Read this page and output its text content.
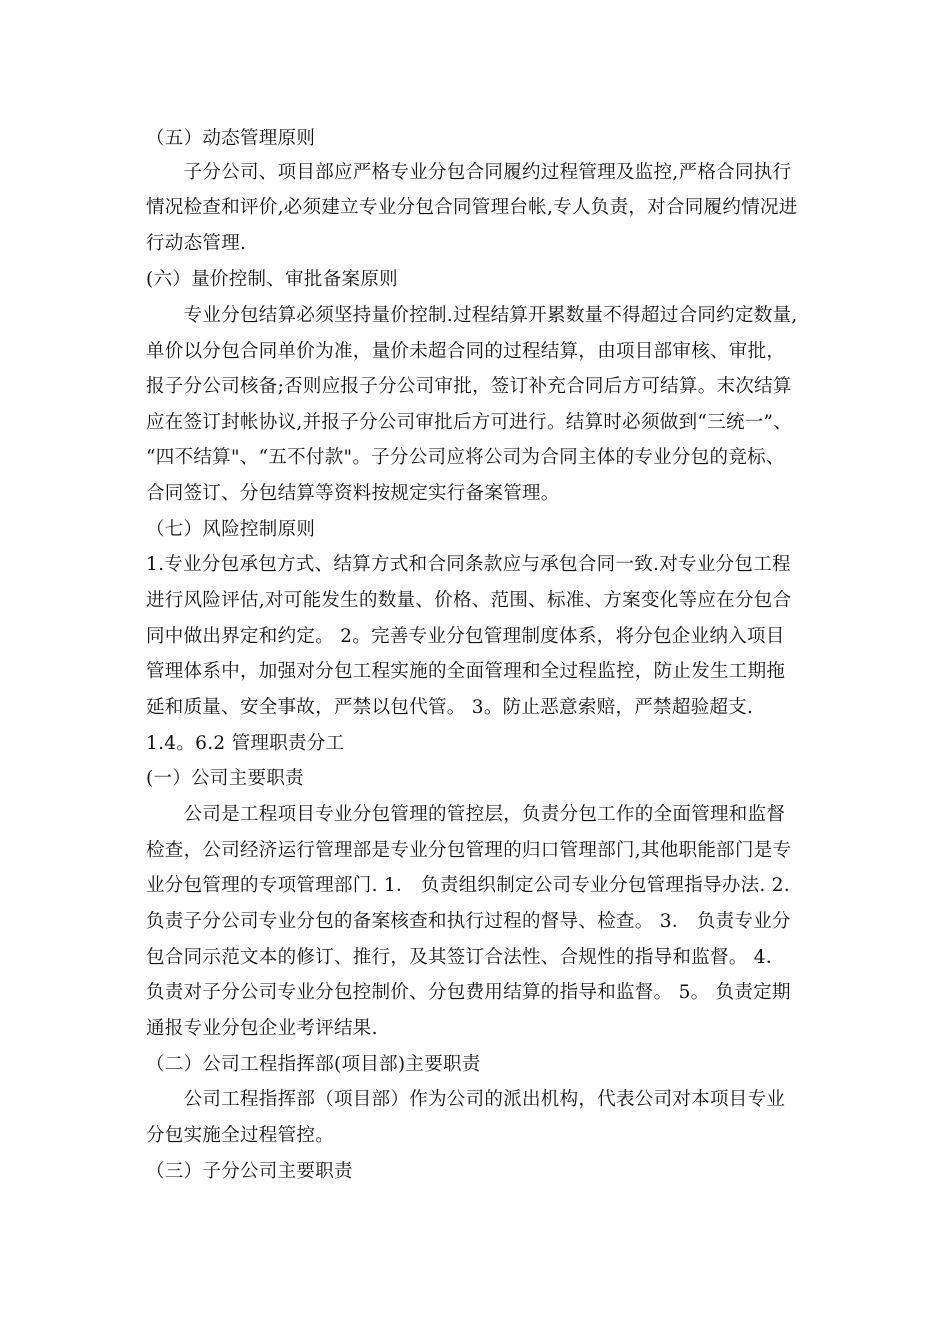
（五）动态管理原则
　　子分公司、项目部应严格专业分包合同履约过程管理及监控,严格合同执行
情况检查和评价,必须建立专业分包合同管理台帐,专人负责，对合同履约情况进
行动态管理.
(六）量价控制、审批备案原则
　　专业分包结算必须坚持量价控制.过程结算开累数量不得超过合同约定数量,
单价以分包合同单价为准，量价未超合同的过程结算，由项目部审核、审批，
报子分公司核备;否则应报子分公司审批，签订补充合同后方可结算。末次结算
应在签订封帐协议,并报子分公司审批后方可进行。结算时必须做到“三统一”、
“四不结算"、“五不付款"。子分公司应将公司为合同主体的专业分包的竞标、
合同签订、分包结算等资料按规定实行备案管理。
（七）风险控制原则
1.专业分包承包方式、结算方式和合同条款应与承包合同一致.对专业分包工程
进行风险评估,对可能发生的数量、价格、范围、标准、方案变化等应在分包合
同中做出界定和约定。 2。完善专业分包管理制度体系，将分包企业纳入项目
管理体系中，加强对分包工程实施的全面管理和全过程监控，防止发生工期拖
延和质量、安全事故，严禁以包代管。 3。防止恶意索赔，严禁超验超支.
1.4。6.2 管理职责分工
(一）公司主要职责
　　公司是工程项目专业分包管理的管控层，负责分包工作的全面管理和监督
检查，公司经济运行管理部是专业分包管理的归口管理部门,其他职能部门是专
业分包管理的专项管理部门. 1． 负责组织制定公司专业分包管理指导办法. 2．
负责子分公司专业分包的备案核查和执行过程的督导、检查。 3． 负责专业分
包合同示范文本的修订、推行，及其签订合法性、合规性的指导和监督。 4．
负责对子分公司专业分包控制价、分包费用结算的指导和监督。 5。 负责定期
通报专业分包企业考评结果.
（二）公司工程指挥部(项目部)主要职责
　　公司工程指挥部（项目部）作为公司的派出机构，代表公司对本项目专业
分包实施全过程管控。
（三）子分公司主要职责
